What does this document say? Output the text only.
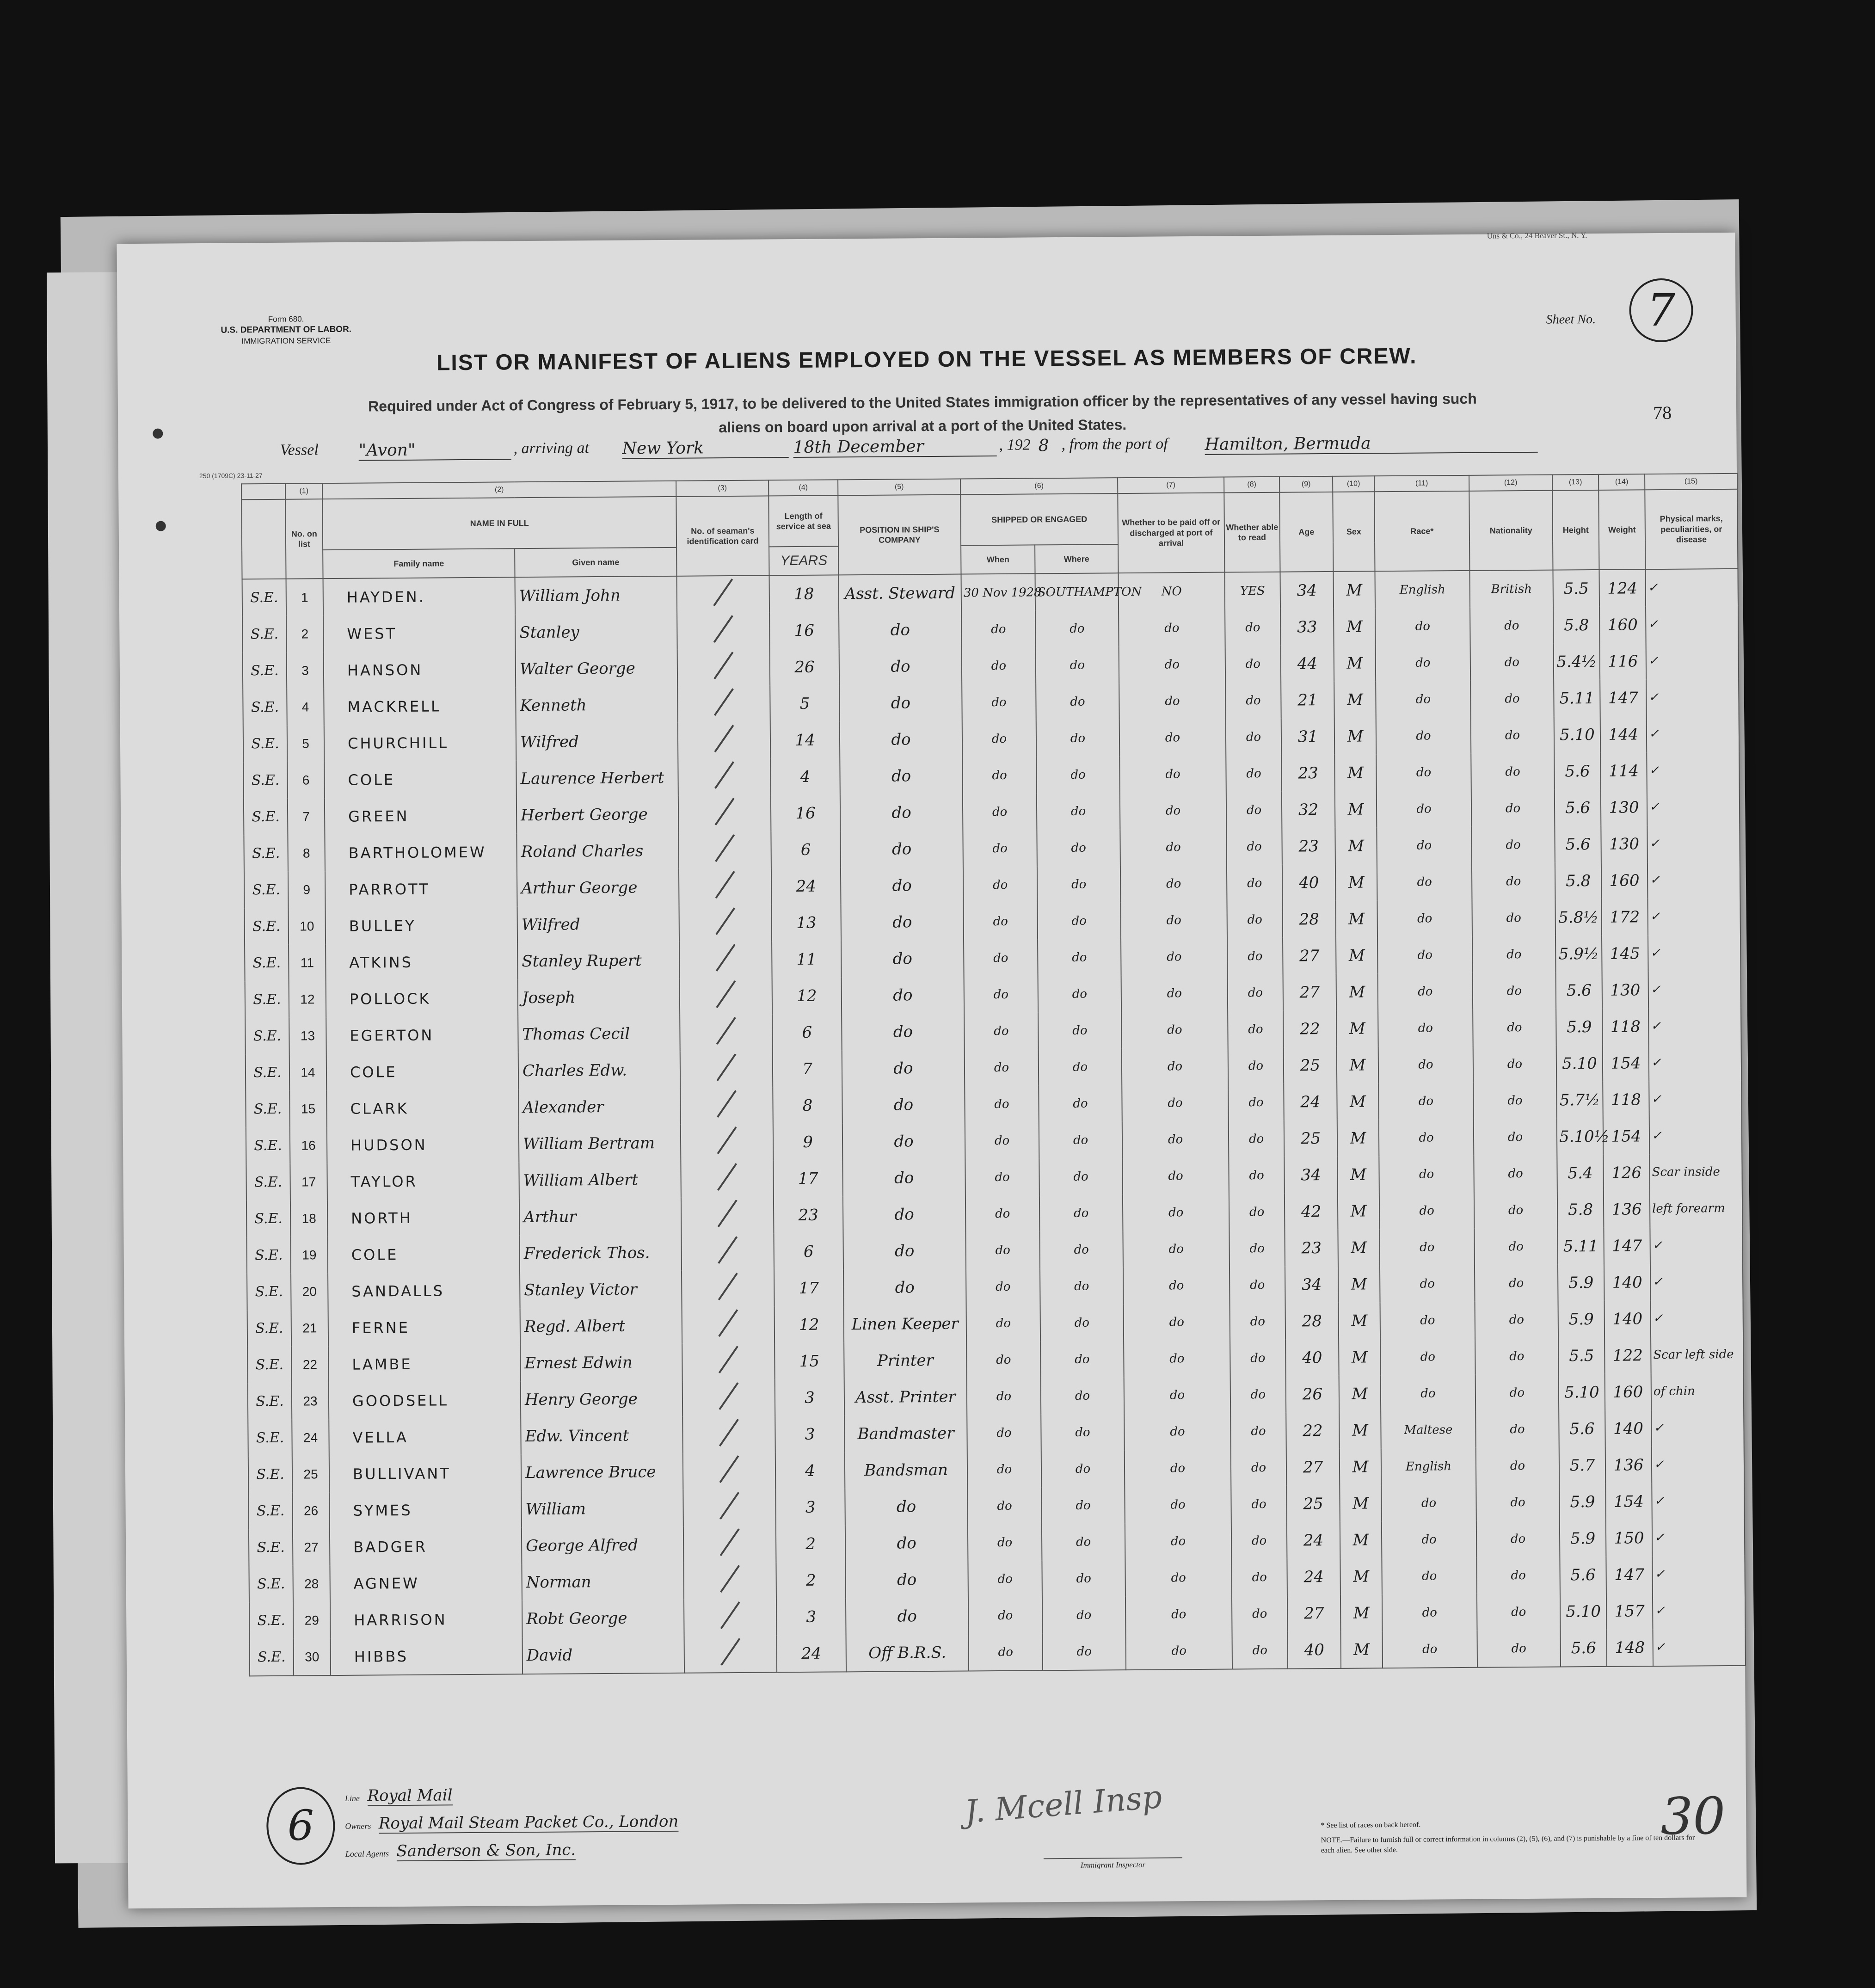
Uns & Co., 24 Beaver St., N. Y.
Form 680.
U.S. DEPARTMENT OF LABOR.
IMMIGRATION SERVICE
Sheet No.	7
78
LIST OR MANIFEST OF ALIENS EMPLOYED ON THE VESSEL AS MEMBERS OF CREW.
Required under Act of Congress of February 5, 1917, to be delivered to the United States immigration officer by the representatives of any vessel having such
aliens on board upon arrival at a port of the United States.
Vessel "Avon"	, arriving at New York	18th December	, 192 8 , from the port of Hamilton, Bermuda
250 (1709C) 23-11-27
	(1)	(2)		(3)	(4)	(5)	(6)		(7)	(8)	(9)	(10)	(11)	(12)	(13)	(14)	(15)
	No. on list	NAME IN FULL		No. of seaman's identification card	Length of service at sea	POSITION IN SHIP'S COMPANY	SHIPPED OR ENGAGED		Whether to be paid off or discharged at port of arrival	Whether able to read	Age	Sex	Race*	Nationality	Height	Weight	Physical marks, peculiarities, or disease
		Family name	Given name		YEARS		When	Where									
S.E.	1	HAYDEN.	William John		18	Asst. Steward	30 Nov 1928	SOUTHAMPTON	NO	YES	34	M	English	British	5.5	124	✓
S.E.	2	WEST	Stanley		16	do	do	do	do	do	33	M	do	do	5.8	160	✓
S.E.	3	HANSON	Walter George		26	do	do	do	do	do	44	M	do	do	5.4½	116	✓
S.E.	4	MACKRELL	Kenneth		5	do	do	do	do	do	21	M	do	do	5.11	147	✓
S.E.	5	CHURCHILL	Wilfred		14	do	do	do	do	do	31	M	do	do	5.10	144	✓
S.E.	6	COLE	Laurence Herbert		4	do	do	do	do	do	23	M	do	do	5.6	114	✓
S.E.	7	GREEN	Herbert George		16	do	do	do	do	do	32	M	do	do	5.6	130	✓
S.E.	8	BARTHOLOMEW	Roland Charles		6	do	do	do	do	do	23	M	do	do	5.6	130	✓
S.E.	9	PARROTT	Arthur George		24	do	do	do	do	do	40	M	do	do	5.8	160	✓
S.E.	10	BULLEY	Wilfred		13	do	do	do	do	do	28	M	do	do	5.8½	172	✓
S.E.	11	ATKINS	Stanley Rupert		11	do	do	do	do	do	27	M	do	do	5.9½	145	✓
S.E.	12	POLLOCK	Joseph		12	do	do	do	do	do	27	M	do	do	5.6	130	✓
S.E.	13	EGERTON	Thomas Cecil		6	do	do	do	do	do	22	M	do	do	5.9	118	✓
S.E.	14	COLE	Charles Edw.		7	do	do	do	do	do	25	M	do	do	5.10	154	✓
S.E.	15	CLARK	Alexander		8	do	do	do	do	do	24	M	do	do	5.7½	118	✓
S.E.	16	HUDSON	William Bertram		9	do	do	do	do	do	25	M	do	do	5.10½	154	✓
S.E.	17	TAYLOR	William Albert		17	do	do	do	do	do	34	M	do	do	5.4	126	Scar inside
S.E.	18	NORTH	Arthur		23	do	do	do	do	do	42	M	do	do	5.8	136	left forearm
S.E.	19	COLE	Frederick Thos.		6	do	do	do	do	do	23	M	do	do	5.11	147	✓
S.E.	20	SANDALLS	Stanley Victor		17	do	do	do	do	do	34	M	do	do	5.9	140	✓
S.E.	21	FERNE	Regd. Albert		12	Linen Keeper	do	do	do	do	28	M	do	do	5.9	140	✓
S.E.	22	LAMBE	Ernest Edwin		15	Printer	do	do	do	do	40	M	do	do	5.5	122	Scar left side
S.E.	23	GOODSELL	Henry George		3	Asst. Printer	do	do	do	do	26	M	do	do	5.10	160	of chin
S.E.	24	VELLA	Edw. Vincent		3	Bandmaster	do	do	do	do	22	M	Maltese	do	5.6	140	✓
S.E.	25	BULLIVANT	Lawrence Bruce		4	Bandsman	do	do	do	do	27	M	English	do	5.7	136	✓
S.E.	26	SYMES	William		3	do	do	do	do	do	25	M	do	do	5.9	154	✓
S.E.	27	BADGER	George Alfred		2	do	do	do	do	do	24	M	do	do	5.9	150	✓
S.E.	28	AGNEW	Norman		2	do	do	do	do	do	24	M	do	do	5.6	147	✓
S.E.	29	HARRISON	Robt George		3	do	do	do	do	do	27	M	do	do	5.10	157	✓
S.E.	30	HIBBS	David		24	Off B.R.S.	do	do	do	do	40	M	do	do	5.6	148	✓
6
Line Royal Mail
Owners Royal Mail Steam Packet Co., London
Local Agents Sanderson & Son, Inc.
J. Mcell Insp
Immigrant Inspector
* See list of races on back hereof.
NOTE.—Failure to furnish full or correct information in columns (2), (5), (6), and (7) is punishable by a fine of ten dollars for each alien. See other side.
30
